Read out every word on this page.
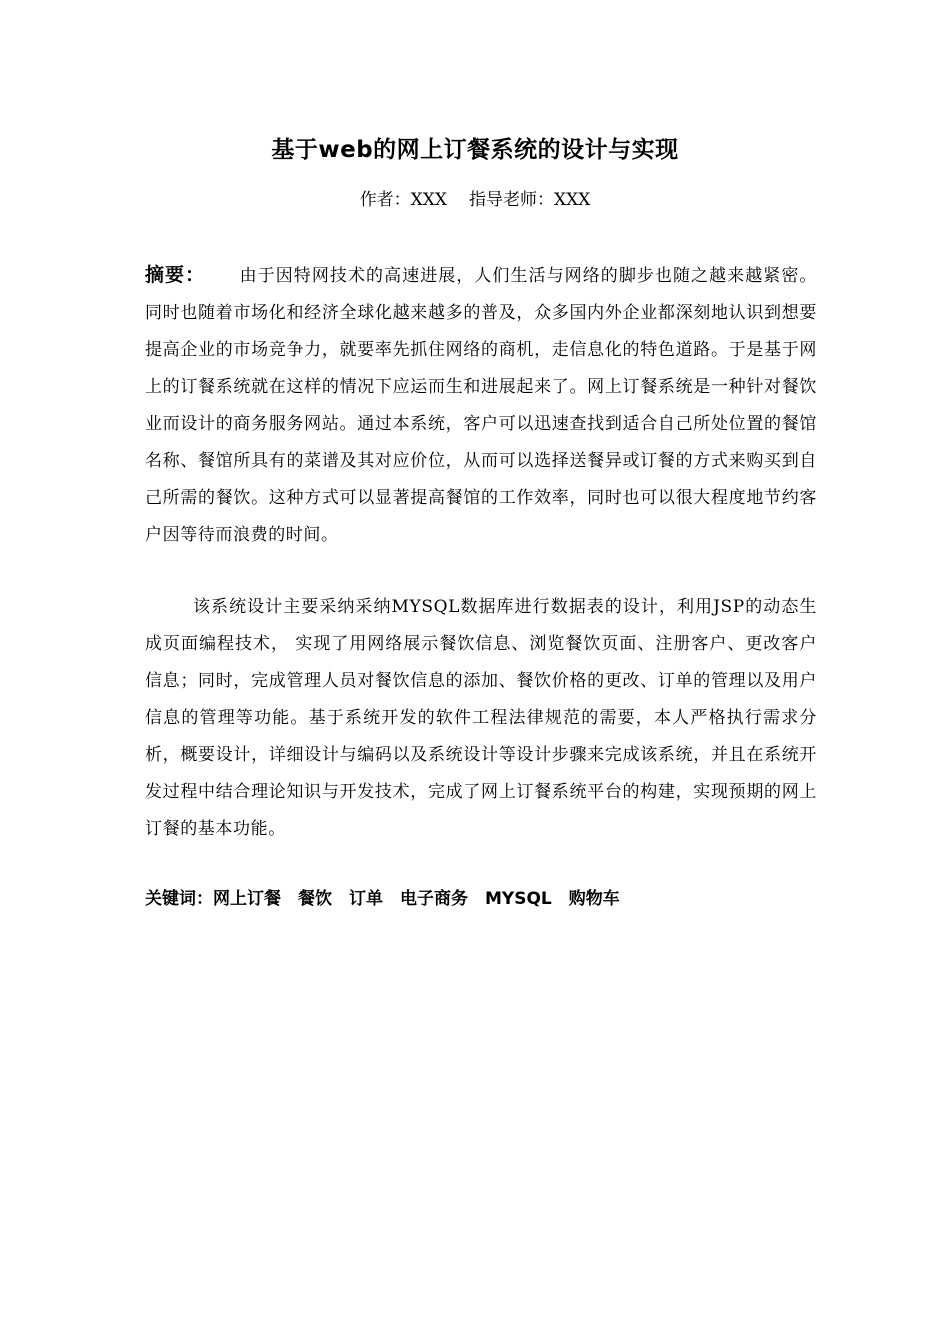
基于web的网上订餐系统的设计与实现
作者：XXX 指导老师：XXX
摘要： 由于因特网技术的高速进展，人们生活与网络的脚步也随之越来越紧密。同时也随着市场化和经济全球化越来越多的普及，众多国内外企业都深刻地认识到想要提高企业的市场竞争力，就要率先抓住网络的商机，走信息化的特色道路。于是基于网上的订餐系统就在这样的情况下应运而生和进展起来了。网上订餐系统是一种针对餐饮业而设计的商务服务网站。通过本系统，客户可以迅速查找到适合自己所处位置的餐馆名称、餐馆所具有的菜谱及其对应价位，从而可以选择送餐异或订餐的方式来购买到自己所需的餐饮。这种方式可以显著提高餐馆的工作效率，同时也可以很大程度地节约客户因等待而浪费的时间。
该系统设计主要采纳采纳MYSQL数据库进行数据表的设计，利用JSP的动态生成页面编程技术， 实现了用网络展示餐饮信息、浏览餐饮页面、注册客户、更改客户信息；同时，完成管理人员对餐饮信息的添加、餐饮价格的更改、订单的管理以及用户信息的管理等功能。基于系统开发的软件工程法律规范的需要，本人严格执行需求分析，概要设计，详细设计与编码以及系统设计等设计步骤来完成该系统，并且在系统开发过程中结合理论知识与开发技术，完成了网上订餐系统平台的构建，实现预期的网上订餐的基本功能。
关键词：网上订餐 餐饮 订单 电子商务 MYSQL 购物车
